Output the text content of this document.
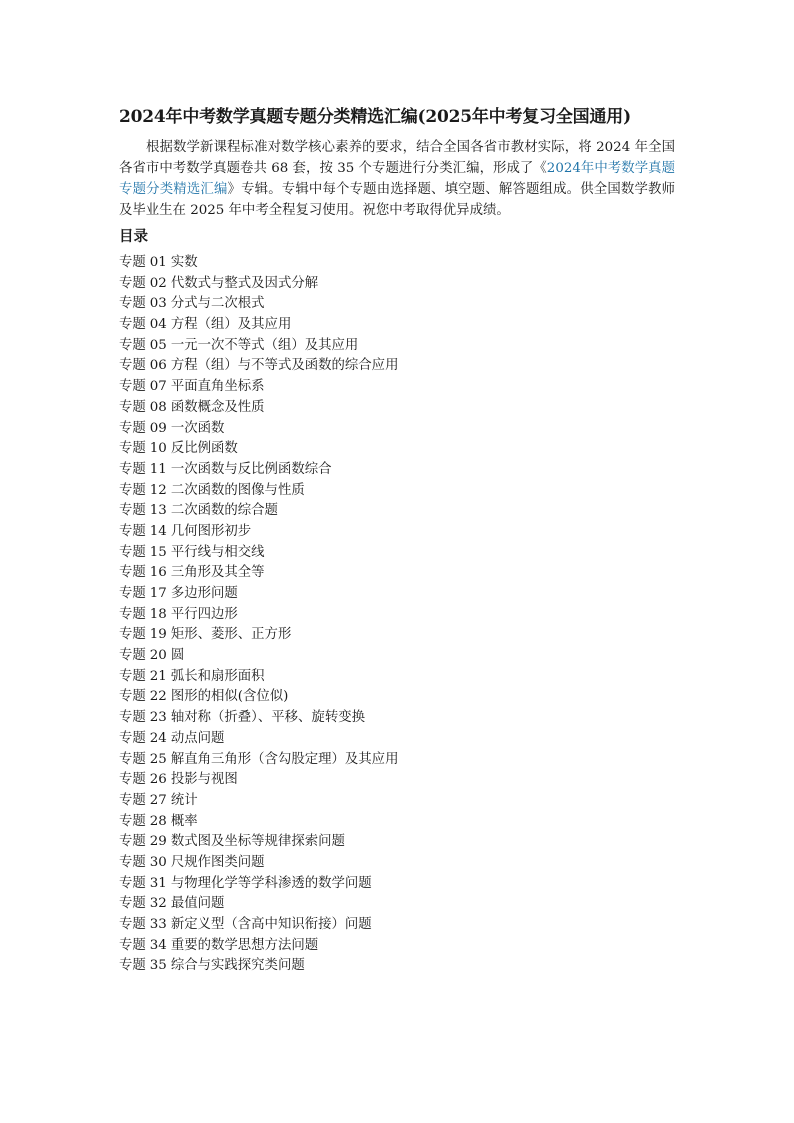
2024年中考数学真题专题分类精选汇编(2025年中考复习全国通用)

根据数学新课程标准对数学核心素养的要求，结合全国各省市教材实际，将 2024 年全国各省市中考数学真题卷共 68 套，按 35 个专题进行分类汇编，形成了《2024年中考数学真题专题分类精选汇编》专辑。专辑中每个专题由选择题、填空题、解答题组成。供全国数学教师及毕业生在 2025 年中考全程复习使用。祝您中考取得优异成绩。

目录
专题 01 实数
专题 02 代数式与整式及因式分解
专题 03 分式与二次根式
专题 04 方程（组）及其应用
专题 05 一元一次不等式（组）及其应用
专题 06 方程（组）与不等式及函数的综合应用
专题 07 平面直角坐标系
专题 08 函数概念及性质
专题 09 一次函数
专题 10 反比例函数
专题 11 一次函数与反比例函数综合
专题 12 二次函数的图像与性质
专题 13 二次函数的综合题
专题 14 几何图形初步
专题 15 平行线与相交线
专题 16 三角形及其全等
专题 17 多边形问题
专题 18 平行四边形
专题 19 矩形、菱形、正方形
专题 20 圆
专题 21 弧长和扇形面积
专题 22 图形的相似(含位似)
专题 23 轴对称（折叠）、平移、旋转变换
专题 24 动点问题
专题 25 解直角三角形（含勾股定理）及其应用
专题 26 投影与视图
专题 27 统计
专题 28 概率
专题 29 数式图及坐标等规律探索问题
专题 30 尺规作图类问题
专题 31 与物理化学等学科渗透的数学问题
专题 32 最值问题
专题 33 新定义型（含高中知识衔接）问题
专题 34 重要的数学思想方法问题
专题 35 综合与实践探究类问题
